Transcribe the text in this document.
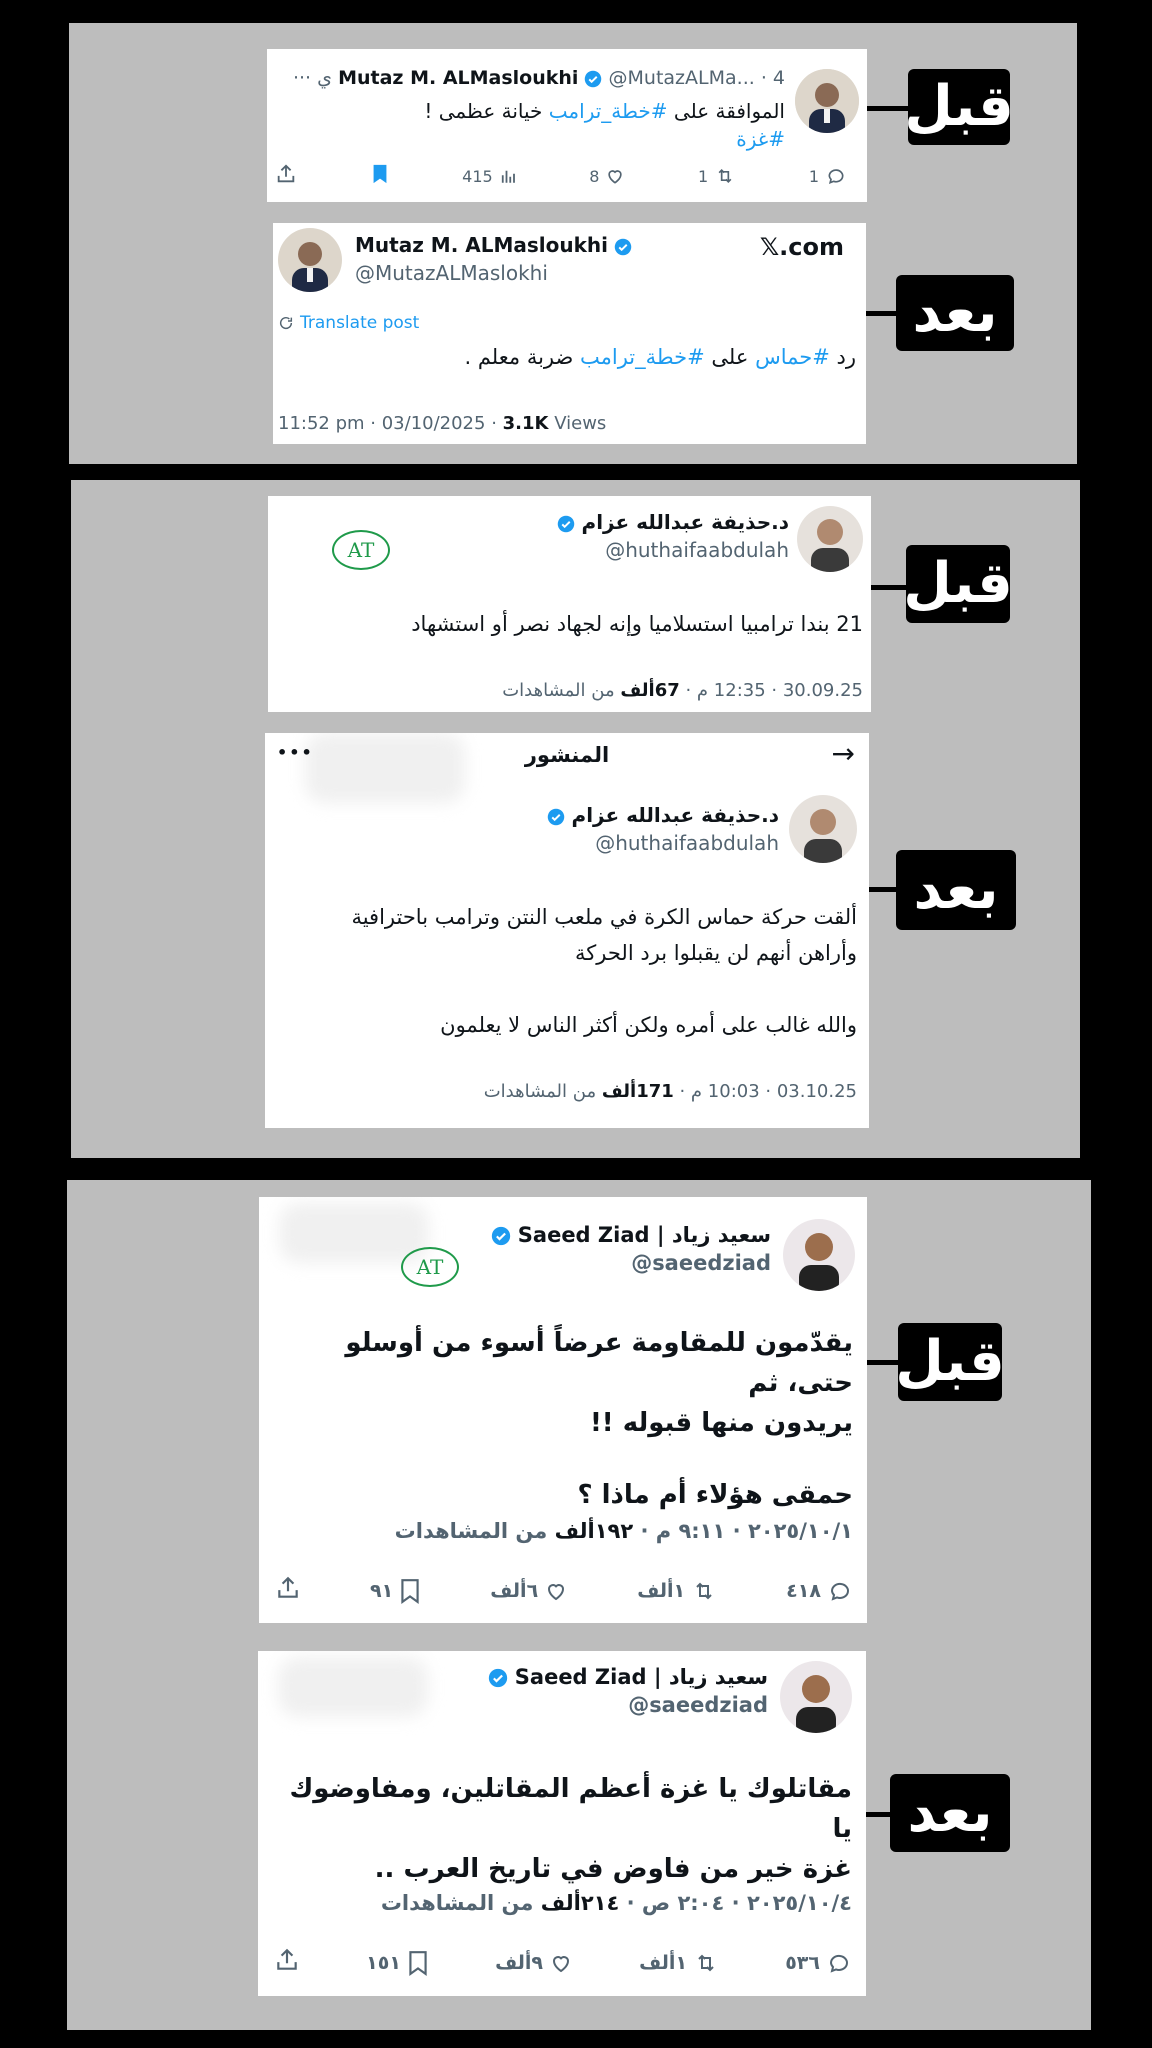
Mutaz M. ALMasloukhi @MutazALMa... · 4 ي ···
الموافقة على #خطة_ترامب خيانة عظمى !
#غزة
415	8	1	1
قبل
Mutaz M. ALMasloukhi
@MutazALMaslokhi
𝕏.com
Translate post
رد #حماس على #خطة_ترامب ضربة معلم .
11:52 pm · 03/10/2025 · 3.1K Views
بعد
د.حذيفة عبدالله عزام
@huthaifaabdulah
AT
21 بندا ترامبيا استسلاميا وإنه لجهاد نصر أو استشهاد
30.09.25 · 12:35 م · 67ألف من المشاهدات
قبل
→
المنشور
•••
د.حذيفة عبدالله عزام
@huthaifaabdulah
ألقت حركة حماس الكرة في ملعب النتن وترامب باحترافية
وأراهن أنهم لن يقبلوا برد الحركة
والله غالب على أمره ولكن أكثر الناس لا يعلمون
03.10.25 · 10:03 م · 171ألف من المشاهدات
بعد
سعيد زياد | Saeed Ziad
@saeedziad
AT
يقدّمون للمقاومة عرضاً أسوء من أوسلو حتى، ثم
يريدون منها قبوله !!
حمقى هؤلاء أم ماذا ؟
٢٠٢٥/١٠/١ · ٩:١١ م · ١٩٢ألف من المشاهدات
٩١	٦ألف	١ألف	٤١٨
قبل
سعيد زياد | Saeed Ziad
@saeedziad
مقاتلوك يا غزة أعظم المقاتلين، ومفاوضوك يا
غزة خير من فاوض في تاريخ العرب ..
٢٠٢٥/١٠/٤ · ٢:٠٤ ص · ٢١٤ألف من المشاهدات
١٥١	٩ألف	١ألف	٥٣٦
بعد
